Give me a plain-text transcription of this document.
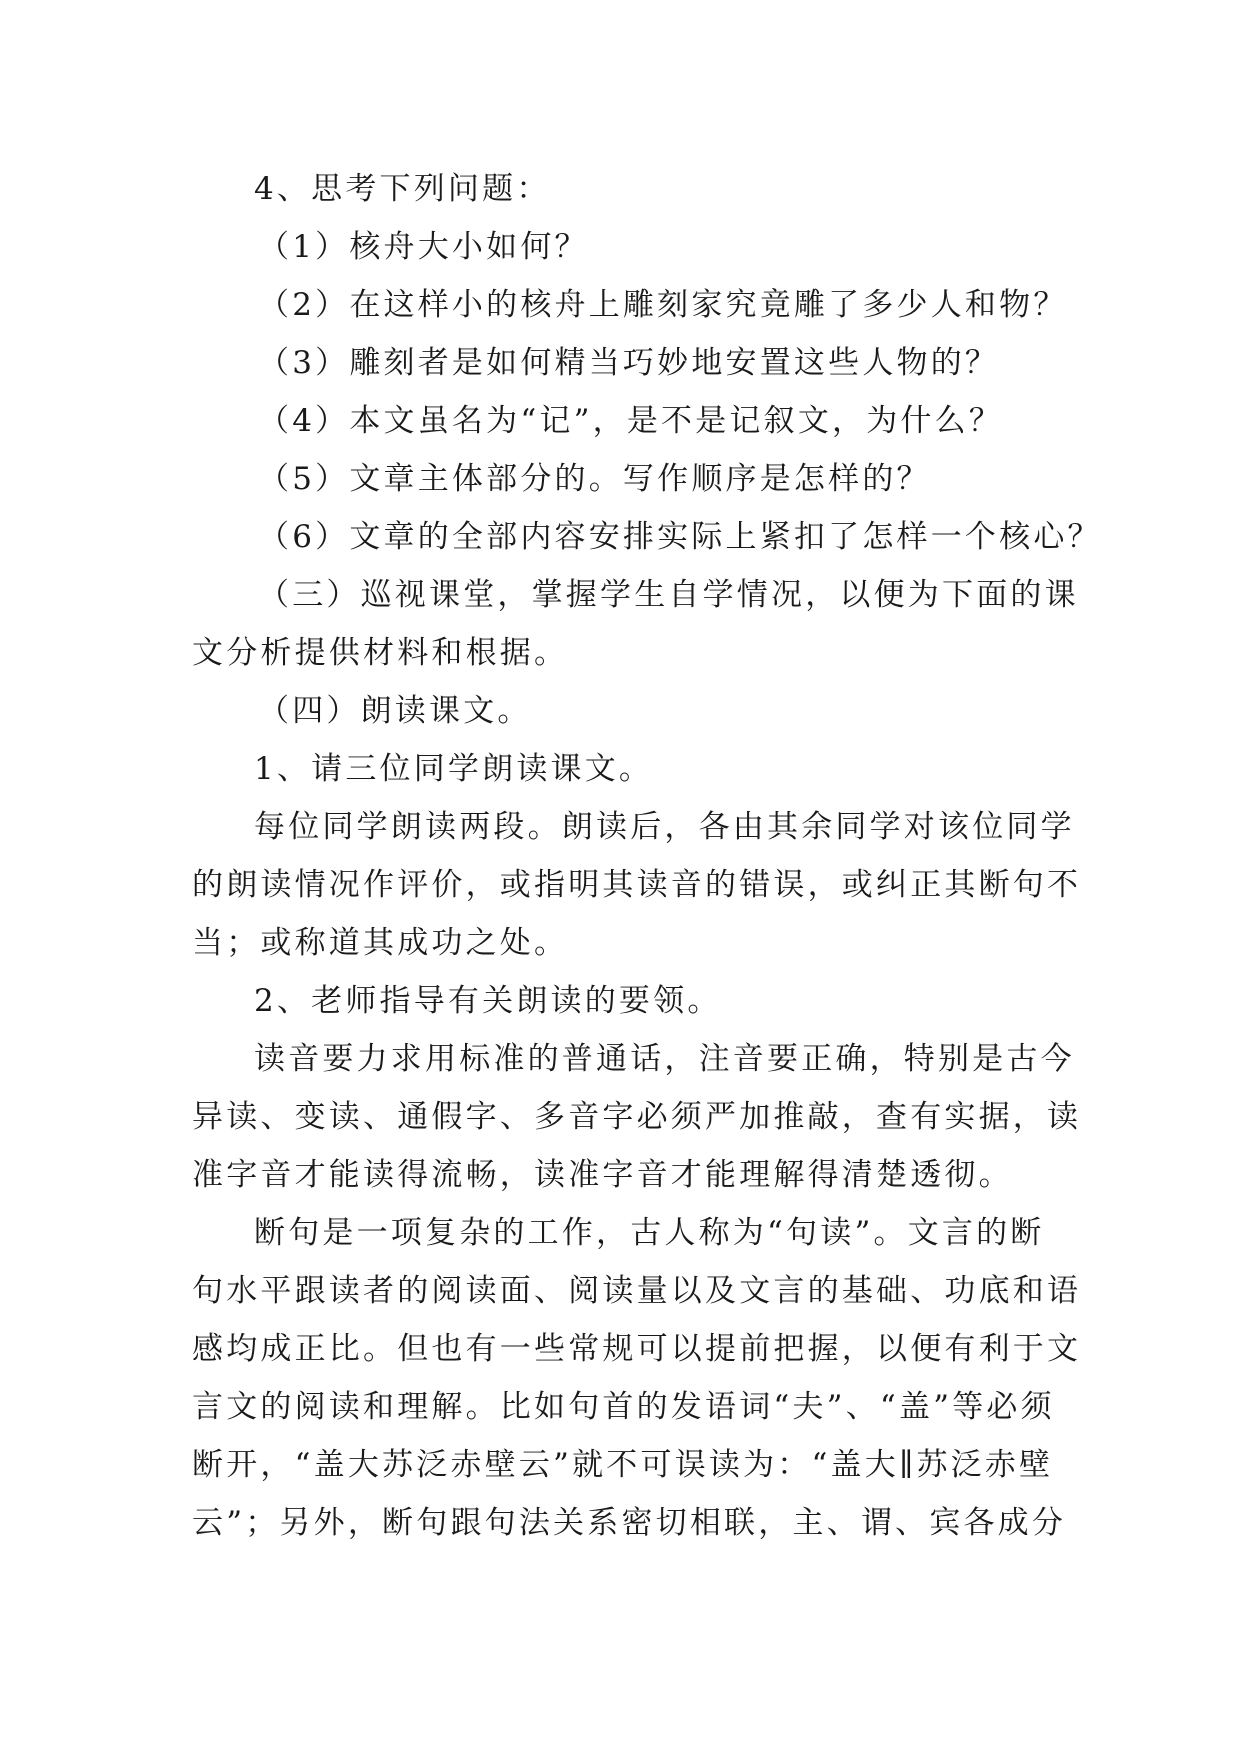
4、思考下列问题：
（1）核舟大小如何？
（2）在这样小的核舟上雕刻家究竟雕了多少人和物？
（3）雕刻者是如何精当巧妙地安置这些人物的？
（4）本文虽名为“记”，是不是记叙文，为什么？
（5）文章主体部分的。写作顺序是怎样的？
（6）文章的全部内容安排实际上紧扣了怎样一个核心？
（三）巡视课堂，掌握学生自学情况，以便为下面的课
文分析提供材料和根据。
（四）朗读课文。
1、请三位同学朗读课文。
每位同学朗读两段。朗读后，各由其余同学对该位同学
的朗读情况作评价，或指明其读音的错误，或纠正其断句不
当；或称道其成功之处。
2、老师指导有关朗读的要领。
读音要力求用标准的普通话，注音要正确，特别是古今
异读、变读、通假字、多音字必须严加推敲，查有实据，读
准字音才能读得流畅，读准字音才能理解得清楚透彻。
断句是一项复杂的工作，古人称为“句读”。文言的断
句水平跟读者的阅读面、阅读量以及文言的基础、功底和语
感均成正比。但也有一些常规可以提前把握，以便有利于文
言文的阅读和理解。比如句首的发语词“夫”、“盖”等必须
断开，“盖大苏泛赤壁云”就不可误读为：“盖大∥苏泛赤壁
云”；另外，断句跟句法关系密切相联，主、谓、宾各成分
